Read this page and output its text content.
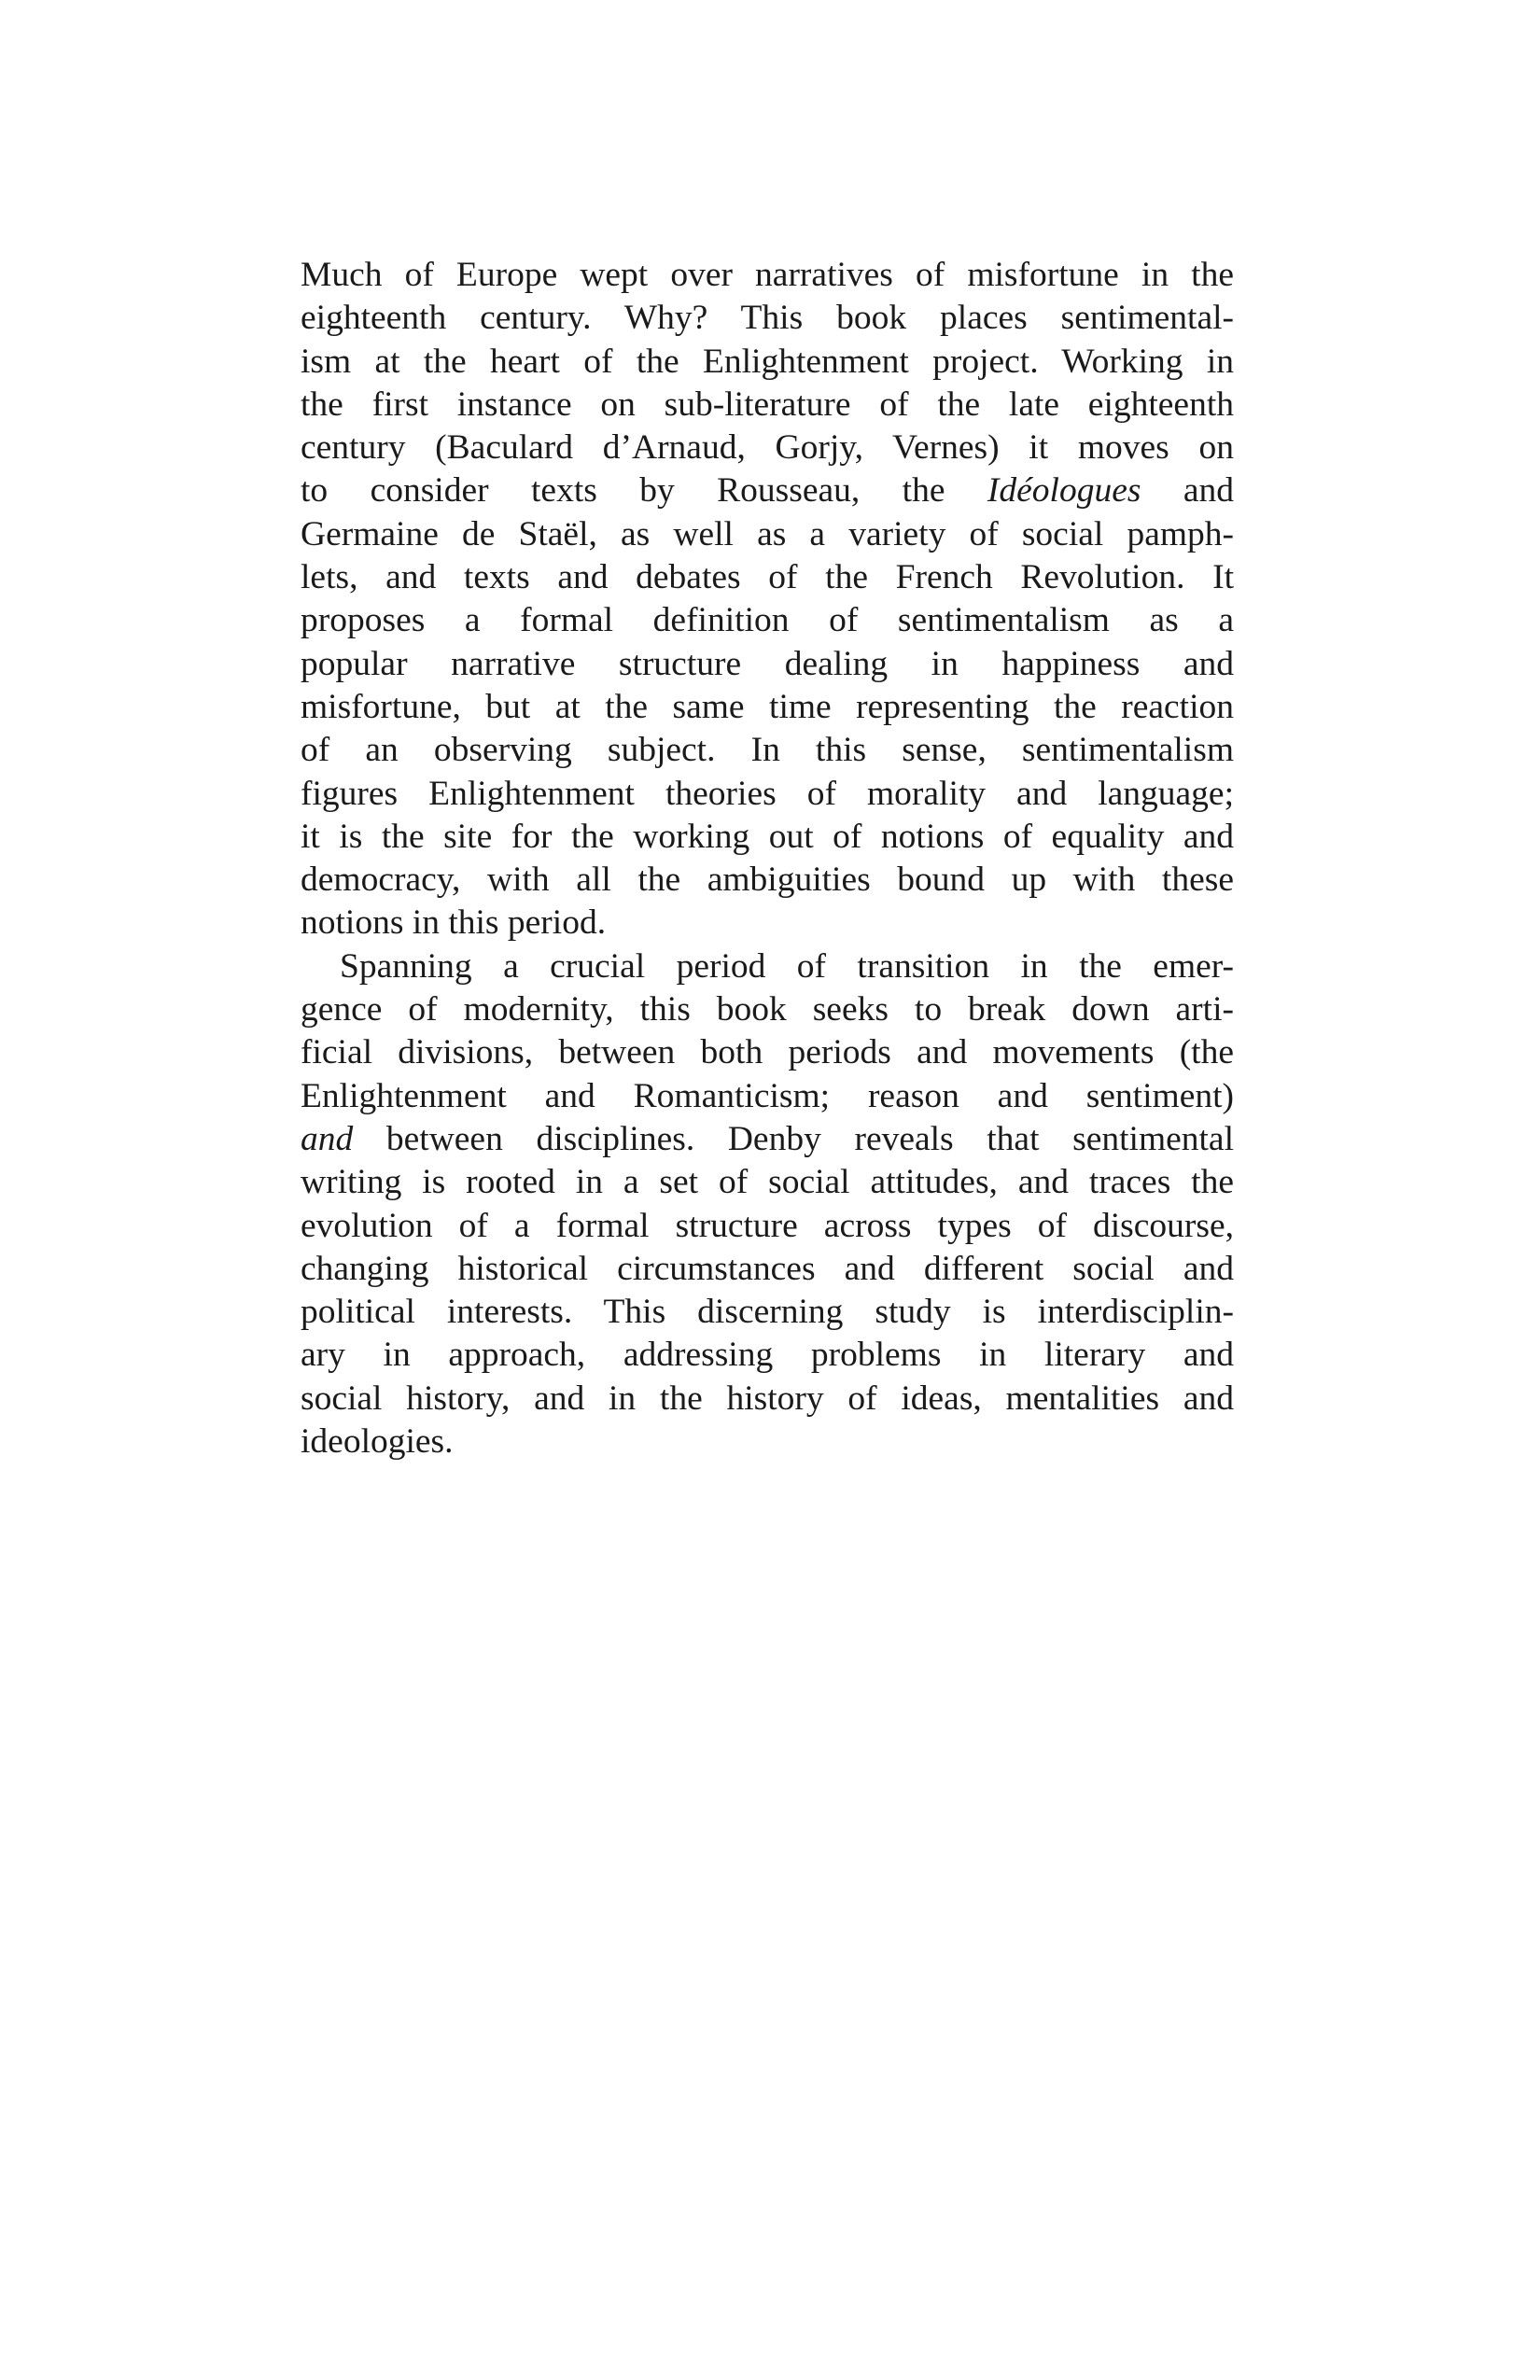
Much of Europe wept over narratives of misfortune in the
eighteenth century. Why? This book places sentimental-
ism at the heart of the Enlightenment project. Working in
the first instance on sub-literature of the late eighteenth
century (Baculard d’Arnaud, Gorjy, Vernes) it moves on
to consider texts by Rousseau, the Idéologues and
Germaine de Staël, as well as a variety of social pamph-
lets, and texts and debates of the French Revolution. It
proposes a formal definition of sentimentalism as a
popular narrative structure dealing in happiness and
misfortune, but at the same time representing the reaction
of an observing subject. In this sense, sentimentalism
figures Enlightenment theories of morality and language;
it is the site for the working out of notions of equality and
democracy, with all the ambiguities bound up with these
notions in this period.
Spanning a crucial period of transition in the emer-
gence of modernity, this book seeks to break down arti-
ficial divisions, between both periods and movements (the
Enlightenment and Romanticism; reason and sentiment)
and between disciplines. Denby reveals that sentimental
writing is rooted in a set of social attitudes, and traces the
evolution of a formal structure across types of discourse,
changing historical circumstances and different social and
political interests. This discerning study is interdisciplin-
ary in approach, addressing problems in literary and
social history, and in the history of ideas, mentalities and
ideologies.
